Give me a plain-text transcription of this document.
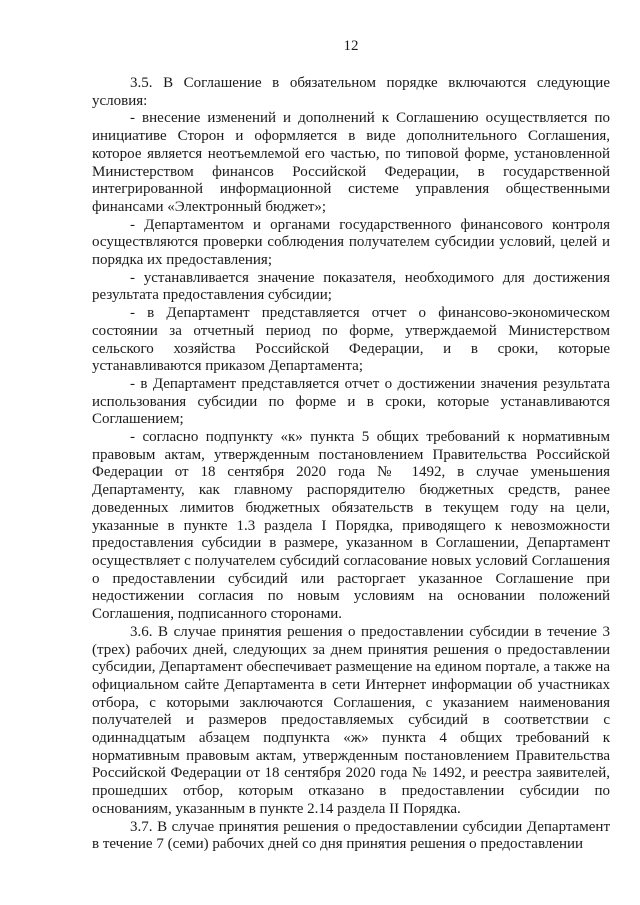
12

3.5. В Соглашение в обязательном порядке включаются следующие условия:

- внесение изменений и дополнений к Соглашению осуществляется по инициативе Сторон и оформляется в виде дополнительного Соглашения, которое является неотъемлемой его частью, по типовой форме, установленной Министерством финансов Российской Федерации, в государственной интегрированной информационной системе управления общественными финансами «Электронный бюджет»;

- Департаментом и органами государственного финансового контроля осуществляются проверки соблюдения получателем субсидии условий, целей и порядка их предоставления;

- устанавливается значение показателя, необходимого для достижения результата предоставления субсидии;

- в Департамент представляется отчет о финансово-экономическом состоянии за отчетный период по форме, утверждаемой Министерством сельского хозяйства Российской Федерации, и в сроки, которые устанавливаются приказом Департамента;

- в Департамент представляется отчет о достижении значения результата использования субсидии по форме и в сроки, которые устанавливаются Соглашением;

- согласно подпункту «к» пункта 5 общих требований к нормативным правовым актам, утвержденным постановлением Правительства Российской Федерации от 18 сентября 2020 года № 1492, в случае уменьшения Департаменту, как главному распорядителю бюджетных средств, ранее доведенных лимитов бюджетных обязательств в текущем году на цели, указанные в пункте 1.3 раздела I Порядка, приводящего к невозможности предоставления субсидии в размере, указанном в Соглашении, Департамент осуществляет с получателем субсидий согласование новых условий Соглашения о предоставлении субсидий или расторгает указанное Соглашение при недостижении согласия по новым условиям на основании положений Соглашения, подписанного сторонами.

3.6. В случае принятия решения о предоставлении субсидии в течение 3 (трех) рабочих дней, следующих за днем принятия решения о предоставлении субсидии, Департамент обеспечивает размещение на едином портале, а также на официальном сайте Департамента в сети Интернет информации об участниках отбора, с которыми заключаются Соглашения, с указанием наименования получателей и размеров предоставляемых субсидий в соответствии с одиннадцатым абзацем подпункта «ж» пункта 4 общих требований к нормативным правовым актам, утвержденным постановлением Правительства Российской Федерации от 18 сентября 2020 года № 1492, и реестра заявителей, прошедших отбор, которым отказано в предоставлении субсидии по основаниям, указанным в пункте 2.14 раздела II Порядка.

3.7. В случае принятия решения о предоставлении субсидии Департамент в течение 7 (семи) рабочих дней со дня принятия решения о предоставлении
